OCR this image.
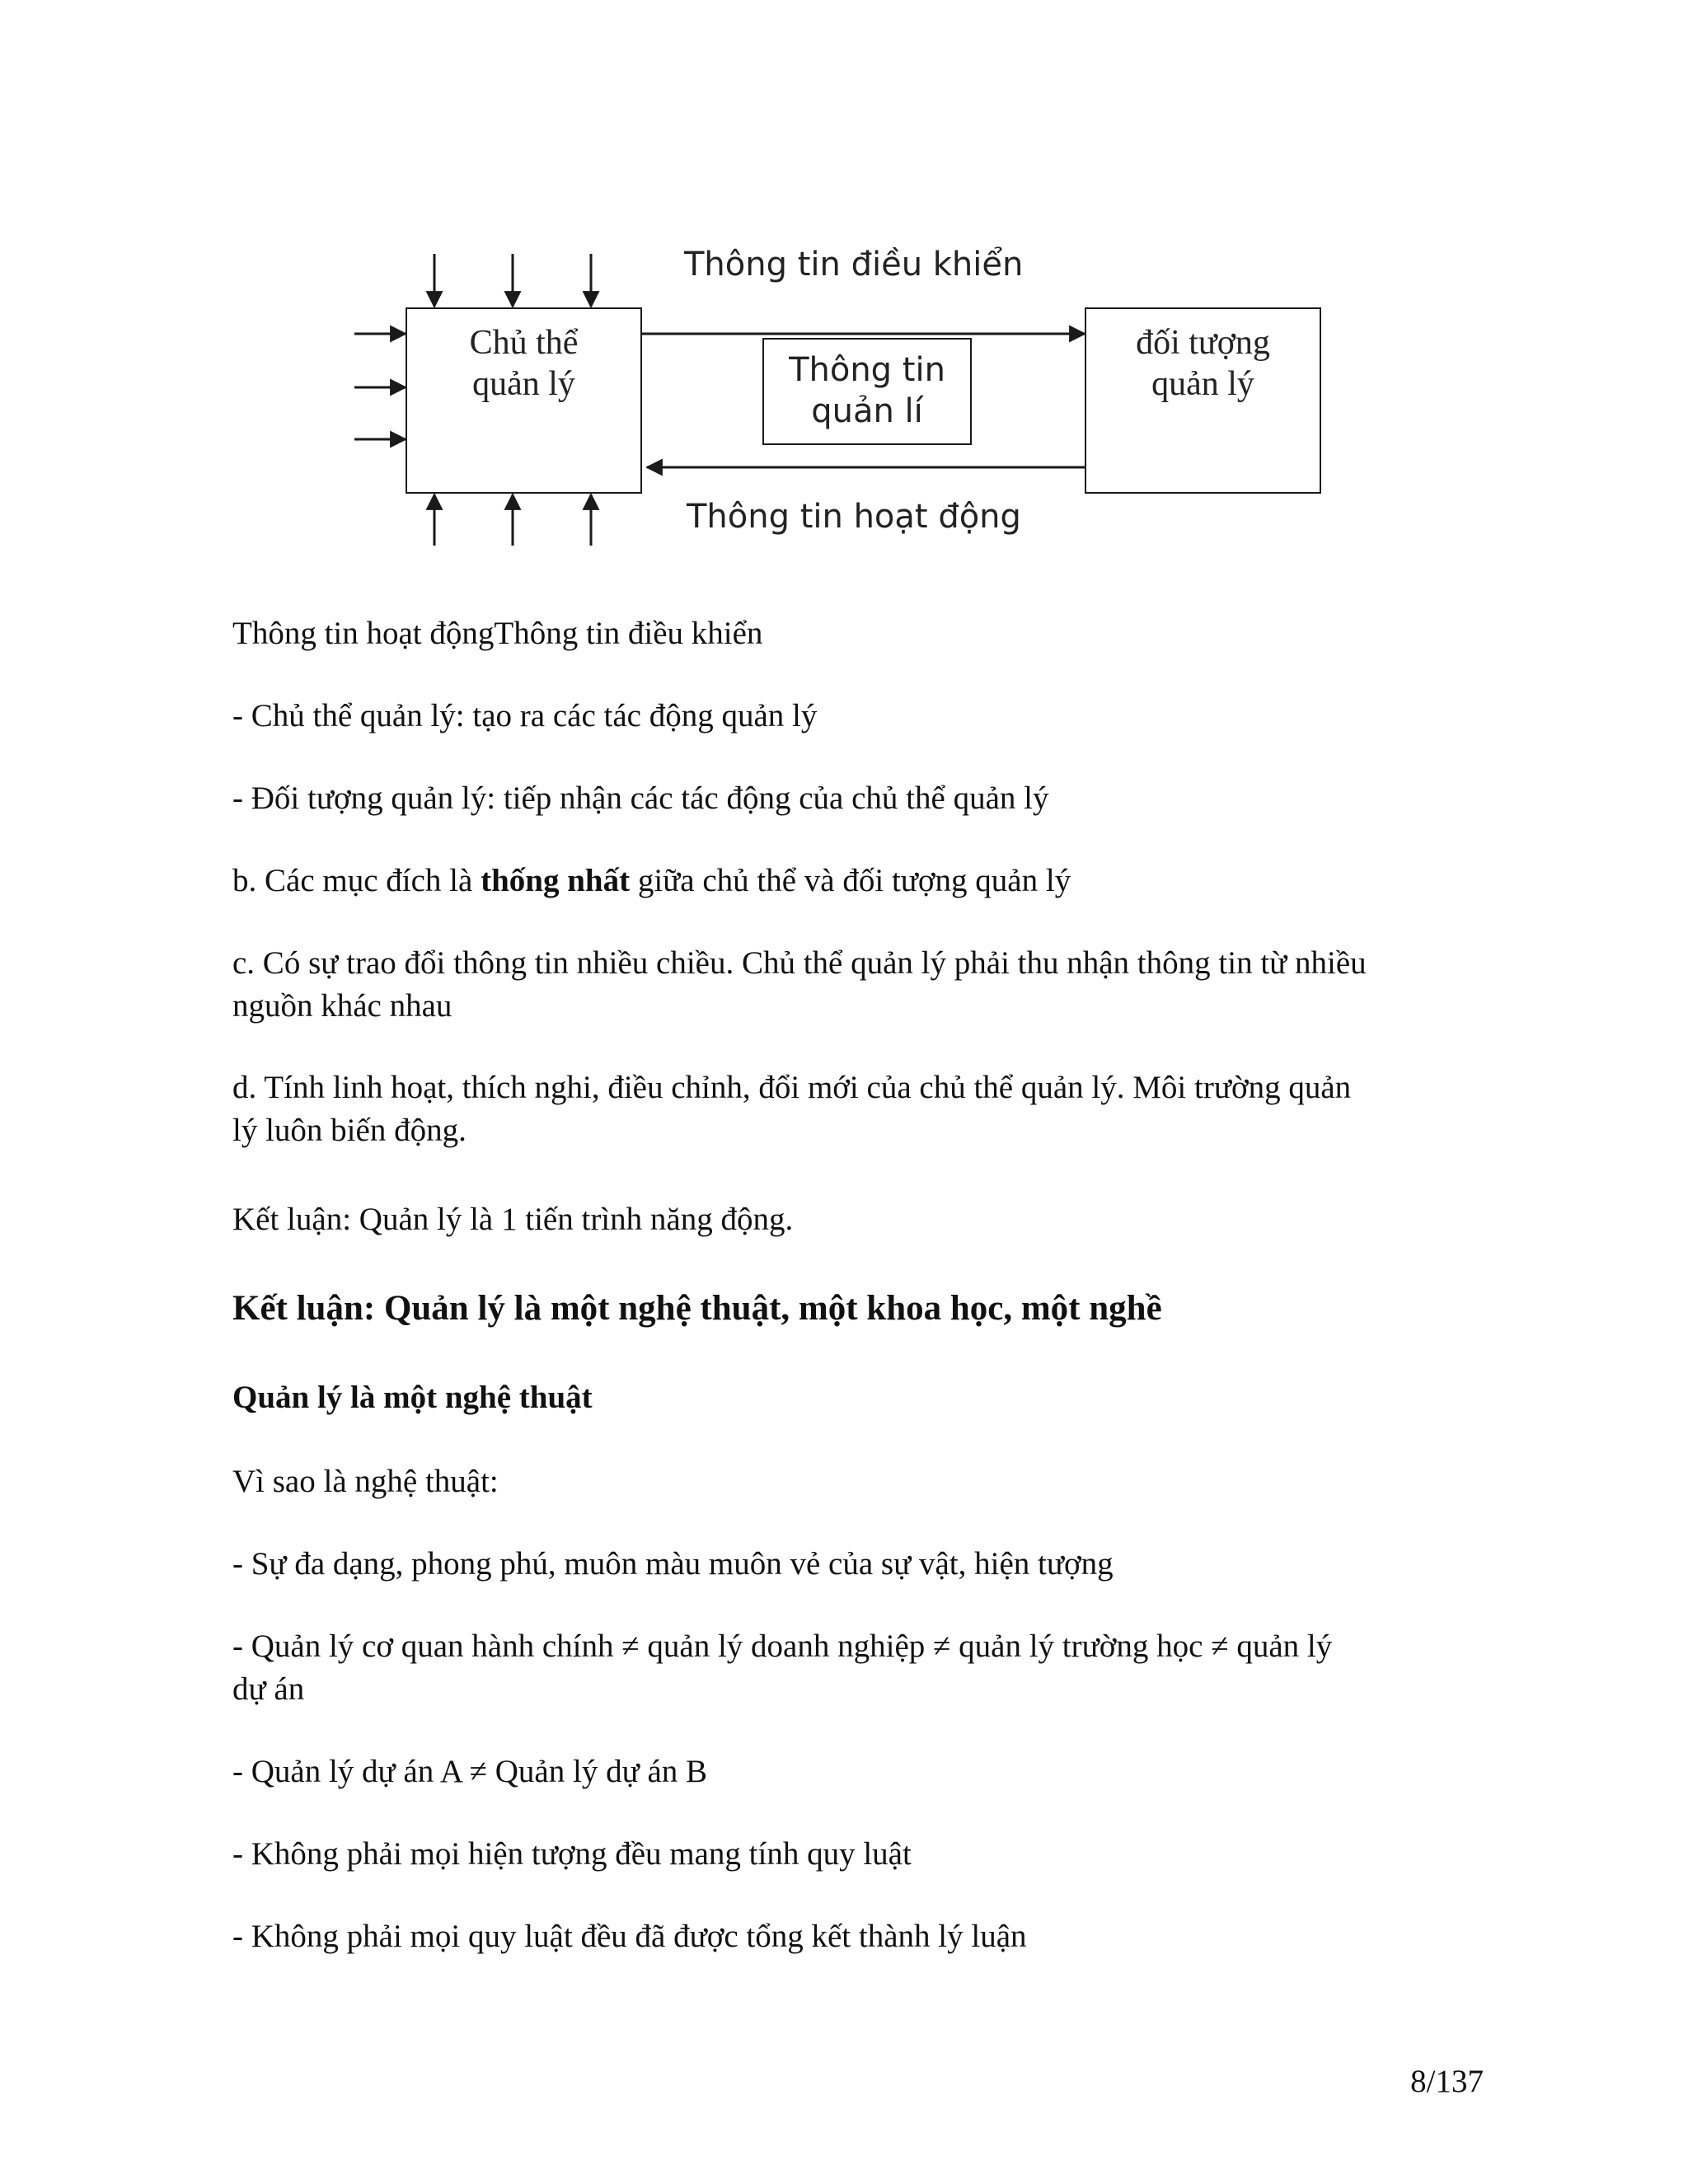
Chủ thể
quản lý	Thông tin
quản lí
đối tượng
quản lý
Thông tin điều khiển
Thông tin hoạt động

Thông tin hoạt độngThông tin điều khiển

- Chủ thể quản lý: tạo ra các tác động quản lý

- Đối tượng quản lý: tiếp nhận các tác động của chủ thể quản lý

b. Các mục đích là thống nhất giữa chủ thể và đối tượng quản lý

c. Có sự trao đổi thông tin nhiều chiều. Chủ thể quản lý phải thu nhận thông tin từ nhiều
nguồn khác nhau

d. Tính linh hoạt, thích nghi, điều chỉnh, đổi mới của chủ thể quản lý. Môi trường quản
lý luôn biến động.

Kết luận: Quản lý là 1 tiến trình năng động.

Kết luận: Quản lý là một nghệ thuật, một khoa học, một nghề
Quản lý là một nghệ thuật

Vì sao là nghệ thuật:

- Sự đa dạng, phong phú, muôn màu muôn vẻ của sự vật, hiện tượng

- Quản lý cơ quan hành chính ≠ quản lý doanh nghiệp ≠ quản lý trường học ≠ quản lý
dự án

- Quản lý dự án A ≠ Quản lý dự án B

- Không phải mọi hiện tượng đều mang tính quy luật

- Không phải mọi quy luật đều đã được tổng kết thành lý luận

8/137
